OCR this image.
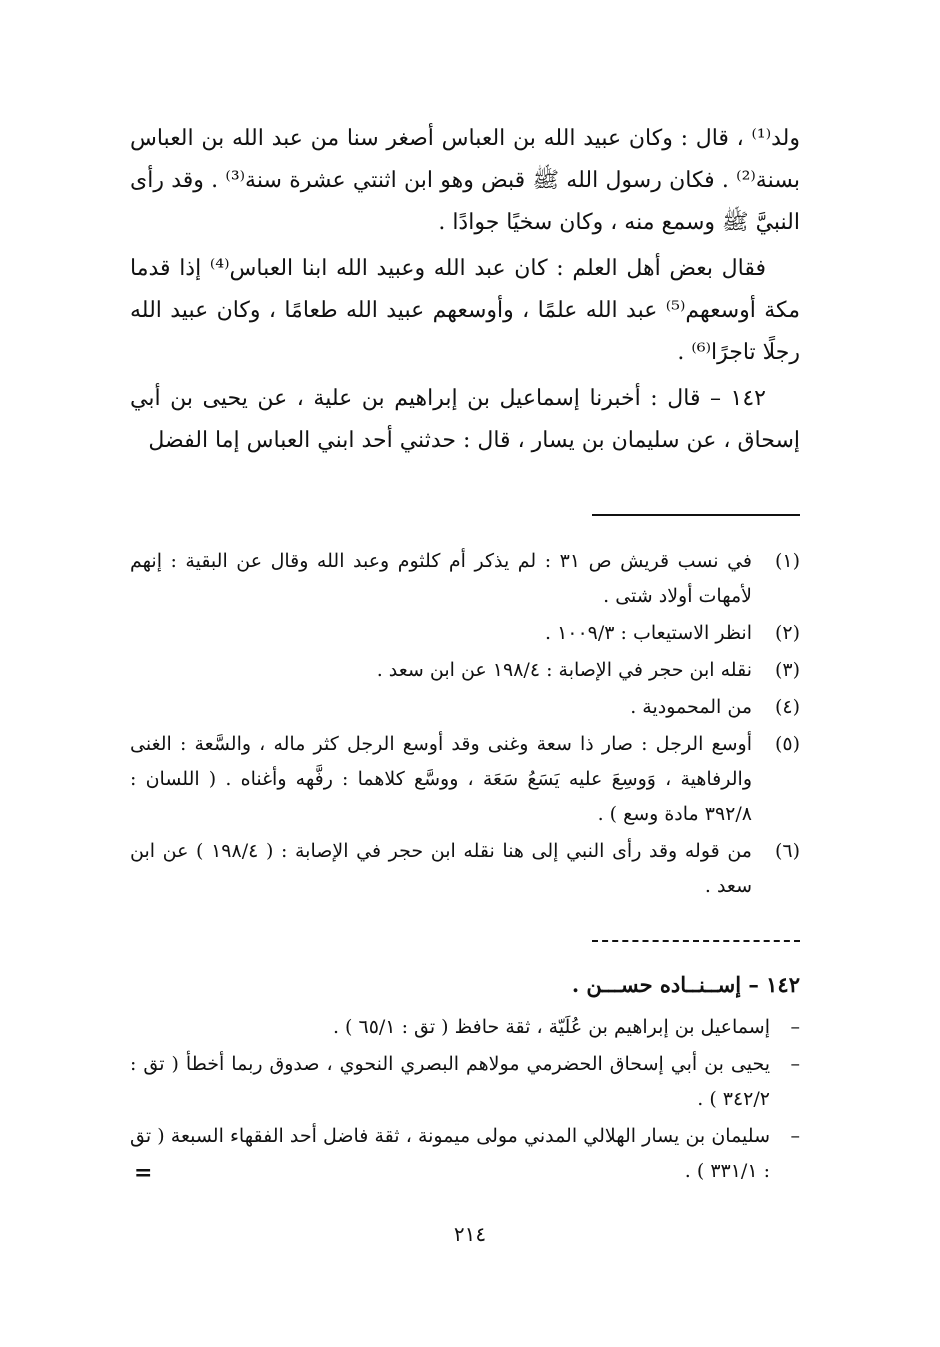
ولد⁽¹⁾ ، قال : وكان عبيد الله بن العباس أصغر سنا من عبد الله بن العباس بسنة⁽²⁾ . فكان رسول الله ﷺ قبض وهو ابن اثنتي عشرة سنة⁽³⁾ . وقد رأى النبيَّ ﷺ وسمع منه ، وكان سخيًا جوادًا .

فقال بعض أهل العلم : كان عبد الله وعبيد الله ابنا العباس⁽⁴⁾ إذا قدما مكة أوسعهم⁽⁵⁾ عبد الله علمًا ، وأوسعهم عبيد الله طعامًا ، وكان عبيد الله رجلًا تاجرًا⁽⁶⁾ .

١٤٢ – قال : أخبرنا إسماعيل بن إبراهيم بن علية ، عن يحيى بن أبي إسحاق ، عن سليمان بن يسار ، قال : حدثني أحد ابني العباس إما الفضل

(١)
في نسب قريش ص ٣١ : لم يذكر أم كلثوم وعبد الله وقال عن البقية : إنهم لأمهات أولاد شتى .
(٢)
انظر الاستيعاب : ١٠٠٩/٣ .
(٣)
نقله ابن حجر في الإصابة : ١٩٨/٤ عن ابن سعد .
(٤)
من المحمودية .
(٥)
أوسع الرجل : صار ذا سعة وغنى وقد أوسع الرجل كثر ماله ، والسَّعة : الغنى والرفاهية ، وَوسِعَ عليه يَسَعُ سَعَة ، ووسَّع كلاهما : رفَّهه وأغناه . ( اللسان : ٣٩٢/٨ مادة وسع ) .
(٦)
من قوله وقد رأى النبي إلى هنا نقله ابن حجر في الإصابة : ( ١٩٨/٤ ) عن ابن سعد .
١٤٢ – إســنــاده حســـن .
–
إسماعيل بن إبراهيم بن عُلَيّة ، ثقة حافظ ( تق : ٦٥/١ ) .
–
يحيى بن أبي إسحاق الحضرمي مولاهم البصري النحوي ، صدوق ربما أخطأ ( تق : ٣٤٢/٢ ) .
–
سليمان بن يسار الهلالي المدني مولى ميمونة ، ثقة فاضل أحد الفقهاء السبعة ( تق : ٣٣١/١ ) .
=
٢١٤
